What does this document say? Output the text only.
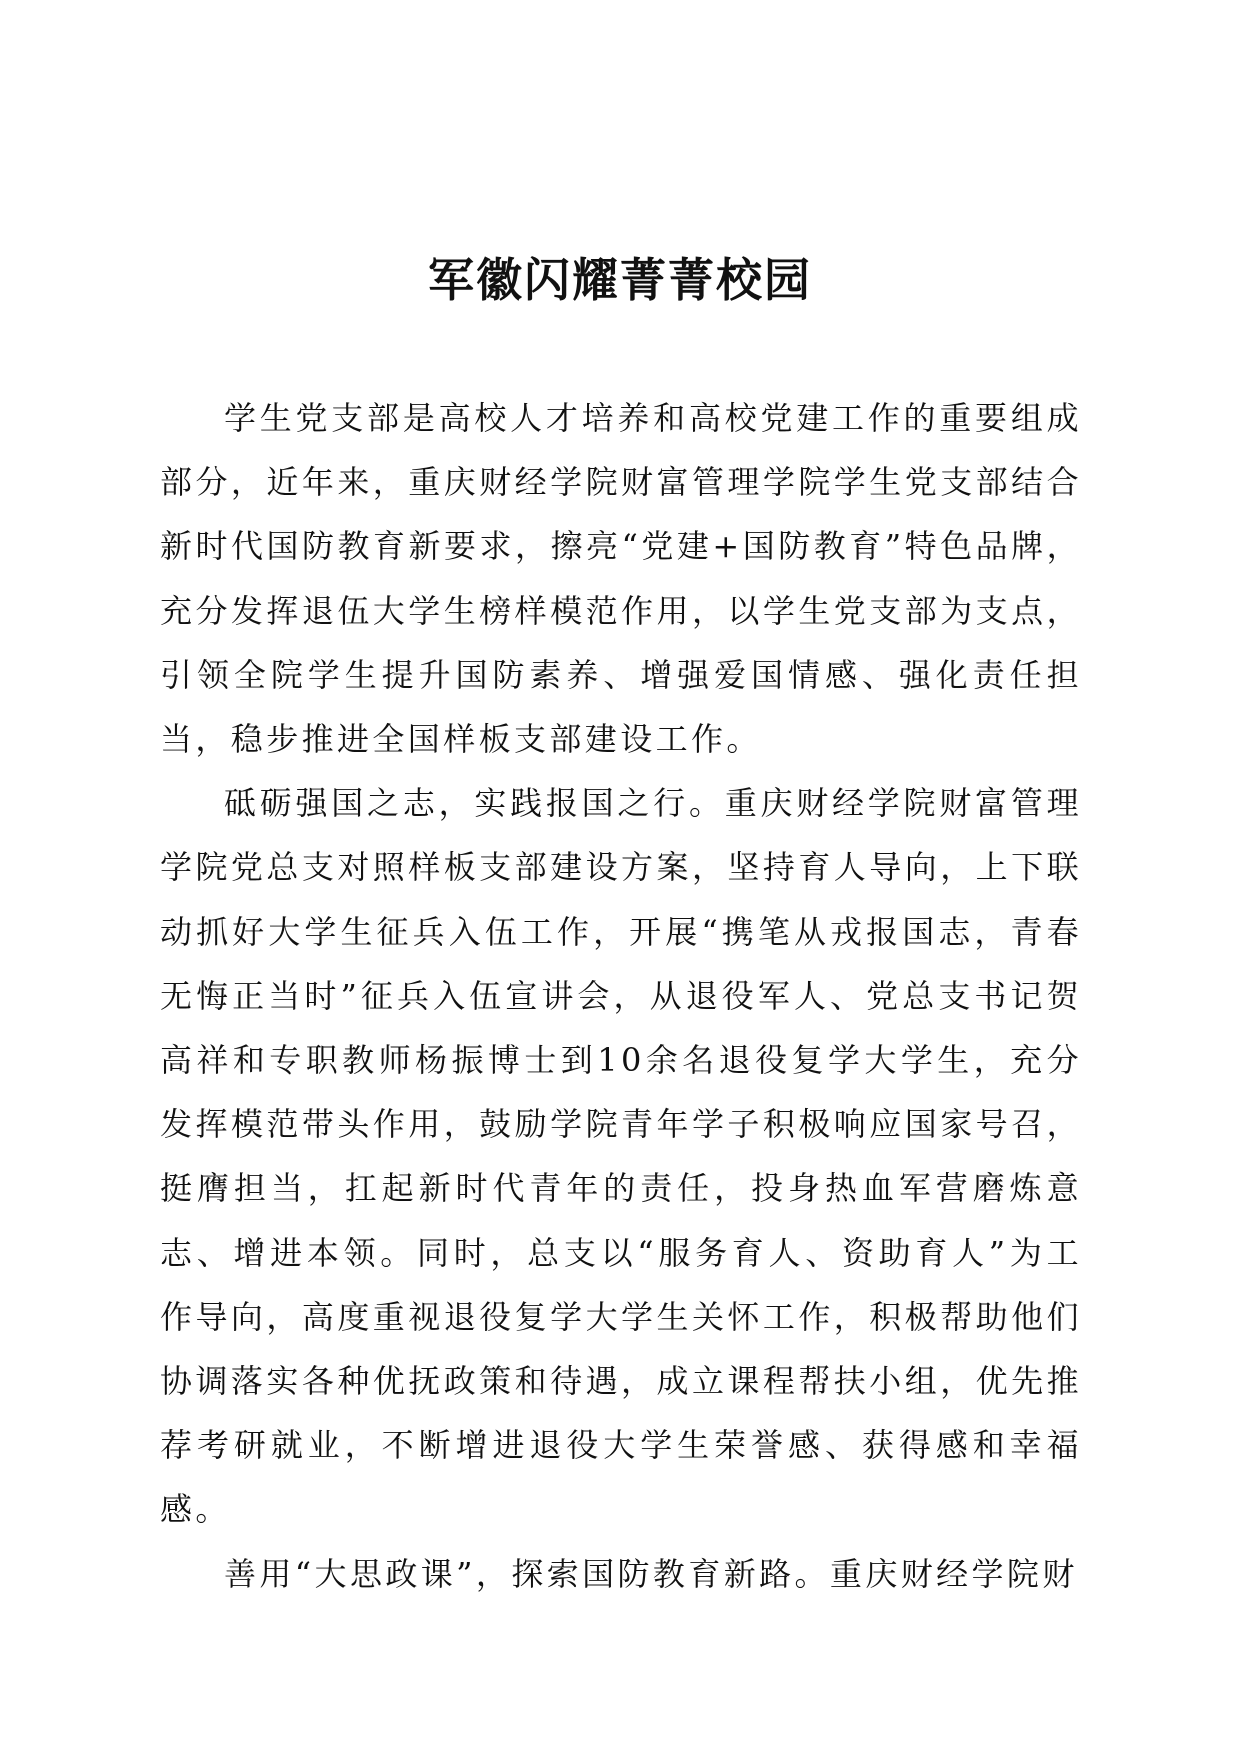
军徽闪耀菁菁校园

学生党支部是高校人才培养和高校党建工作的重要组成部分，近年来，重庆财经学院财富管理学院学生党支部结合新时代国防教育新要求，擦亮“党建+国防教育”特色品牌，充分发挥退伍大学生榜样模范作用，以学生党支部为支点，引领全院学生提升国防素养、增强爱国情感、强化责任担当，稳步推进全国样板支部建设工作。

砥砺强国之志，实践报国之行。重庆财经学院财富管理学院党总支对照样板支部建设方案，坚持育人导向，上下联动抓好大学生征兵入伍工作，开展“携笔从戎报国志，青春无悔正当时”征兵入伍宣讲会，从退役军人、党总支书记贺高祥和专职教师杨振博士到10余名退役复学大学生，充分发挥模范带头作用，鼓励学院青年学子积极响应国家号召，挺膺担当，扛起新时代青年的责任，投身热血军营磨炼意志、增进本领。同时，总支以“服务育人、资助育人”为工作导向，高度重视退役复学大学生关怀工作，积极帮助他们协调落实各种优抚政策和待遇，成立课程帮扶小组，优先推荐考研就业，不断增进退役大学生荣誉感、获得感和幸福感。

善用“大思政课”，探索国防教育新路。重庆财经学院财
